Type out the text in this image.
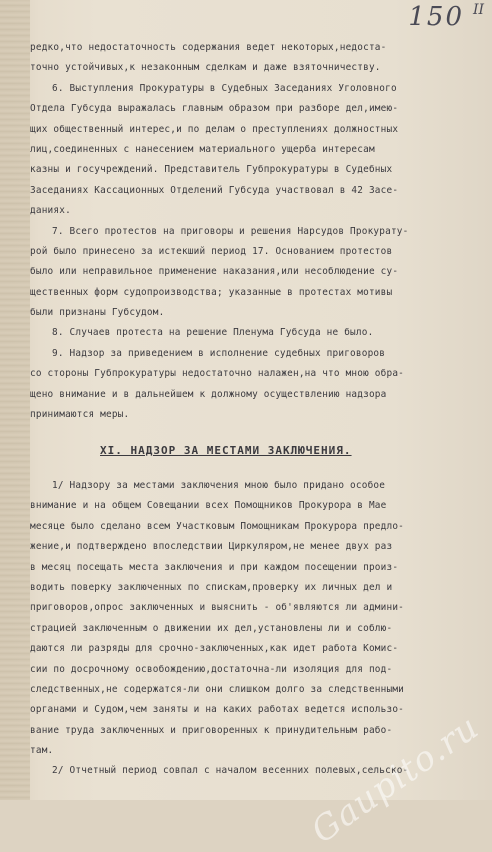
150 II
редко,что недостаточность содержания ведет некоторых,недоста-
точно устойчивых,к незаконным сделкам и даже взяточничеству.
6. Выступления Прокуратуры в Судебных Заседаниях Уголовного
Отдела Губсуда выражалась главным образом при разборе дел,имею-
щих общественный интерес,и по делам о преступлениях должностных
лиц,соединенных с нанесением материального ущерба интересам
казны и госучреждений. Представитель Губпрокуратуры в Судебных
Заседаниях Кассационных Отделений Губсуда участвовал в 42 Засе-
даниях.
7. Всего протестов на приговоры и решения Нарсудов Прокурату-
рой было принесено за истекший период 17. Основанием протестов
было или неправильное применение наказания,или несоблюдение су-
щественных форм судопроизводства; указанные в протестах мотивы
были признаны Губсудом.
8. Случаев протеста на решение Пленума Губсуда не было.
9. Надзор за приведением в исполнение судебных приговоров
со стороны Губпрокуратуры недостаточно налажен,на что мною обра-
щено внимание и в дальнейшем к должному осуществлению надзора
принимаются меры.
XI. НАДЗОР ЗА МЕСТАМИ ЗАКЛЮЧЕНИЯ.
1/ Надзору за местами заключения мною было придано особое
внимание и на общем Совещании всех Помощников Прокурора в Мае
месяце было сделано всем Участковым Помощникам Прокурора предло-
жение,и подтверждено впоследствии Циркуляром,не менее двух раз
в месяц посещать места заключения и при каждом посещении произ-
водить поверку заключенных по спискам,проверку их личных дел и
приговоров,опрос заключенных и выяснить - об'являются ли админи-
страцией заключенным о движении их дел,установлены ли и соблю-
даются ли разряды для срочно-заключенных,как идет работа Комис-
сии по досрочному освобождению,достаточна-ли изоляция для под-
следственных,не содержатся-ли они слишком долго за следственными
органами и Судом,чем заняты и на каких работах ведется использо-
вание труда заключенных и приговоренных к принудительным рабо-
там.
2/ Отчетный период совпал с началом весенних полевых,сельско-
Gaupito.ru
